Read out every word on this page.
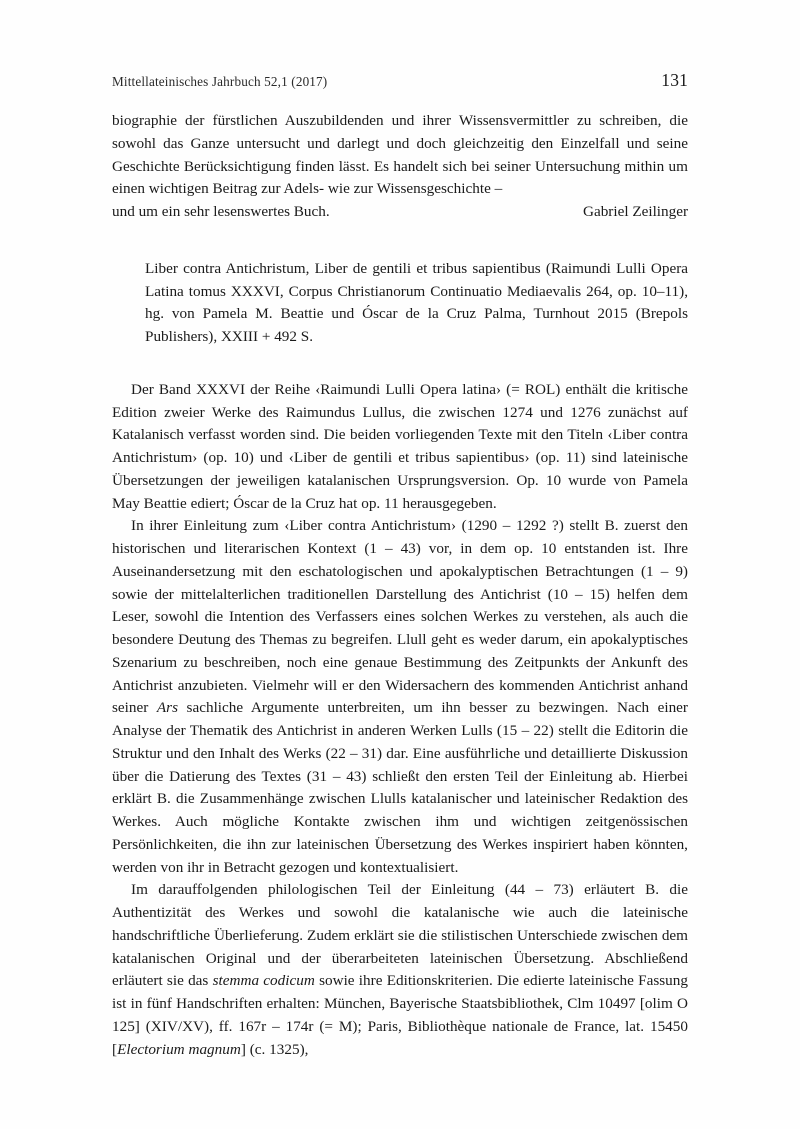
Mittellateinisches Jahrbuch 52,1 (2017)	131

biographie der fürstlichen Auszubildenden und ihrer Wissensvermittler zu schreiben, die sowohl das Ganze untersucht und darlegt und doch gleichzeitig den Einzelfall und seine Geschichte Berücksichtigung finden lässt. Es handelt sich bei seiner Untersuchung mithin um einen wichtigen Beitrag zur Adels- wie zur Wissensgeschichte –

und um ein sehr lesenswertes Buch.	Gabriel Zeilinger

Liber contra Antichristum, Liber de gentili et tribus sapientibus (Raimundi Lulli Opera Latina tomus XXXVI, Corpus Christianorum Continuatio Mediaevalis 264, op. 10–11), hg. von Pamela M. Beattie und Óscar de la Cruz Palma, Turnhout 2015 (Brepols Publishers), XXIII + 492 S.

Der Band XXXVI der Reihe ‹Raimundi Lulli Opera latina› (= ROL) enthält die kritische Edition zweier Werke des Raimundus Lullus, die zwischen 1274 und 1276 zunächst auf Katalanisch verfasst worden sind. Die beiden vorliegenden Texte mit den Titeln ‹Liber contra Antichristum› (op. 10) und ‹Liber de gentili et tribus sapientibus› (op. 11) sind lateinische Übersetzungen der jeweiligen katalanischen Ursprungsversion. Op. 10 wurde von Pamela May Beattie ediert; Óscar de la Cruz hat op. 11 herausgegeben.

In ihrer Einleitung zum ‹Liber contra Antichristum› (1290 – 1292 ?) stellt B. zuerst den historischen und literarischen Kontext (1 – 43) vor, in dem op. 10 entstanden ist. Ihre Auseinandersetzung mit den eschatologischen und apokalyptischen Betrachtungen (1 – 9) sowie der mittelalterlichen traditionellen Darstellung des Antichrist (10 – 15) helfen dem Leser, sowohl die Intention des Verfassers eines solchen Werkes zu verstehen, als auch die besondere Deutung des Themas zu begreifen. Llull geht es weder darum, ein apokalyptisches Szenarium zu beschreiben, noch eine genaue Bestimmung des Zeitpunkts der Ankunft des Antichrist anzubieten. Vielmehr will er den Widersachern des kommenden Antichrist anhand seiner Ars sachliche Argumente unterbreiten, um ihn besser zu bezwingen. Nach einer Analyse der Thematik des Antichrist in anderen Werken Lulls (15 – 22) stellt die Editorin die Struktur und den Inhalt des Werks (22 – 31) dar. Eine ausführliche und detaillierte Diskussion über die Datierung des Textes (31 – 43) schließt den ersten Teil der Einleitung ab. Hierbei erklärt B. die Zusammenhänge zwischen Llulls katalanischer und lateinischer Redaktion des Werkes. Auch mögliche Kontakte zwischen ihm und wichtigen zeitgenössischen Persönlichkeiten, die ihn zur lateinischen Übersetzung des Werkes inspiriert haben könnten, werden von ihr in Betracht gezogen und kontextualisiert.

Im darauffolgenden philologischen Teil der Einleitung (44 – 73) erläutert B. die Authentizität des Werkes und sowohl die katalanische wie auch die lateinische handschriftliche Überlieferung. Zudem erklärt sie die stilistischen Unterschiede zwischen dem katalanischen Original und der überarbeiteten lateinischen Übersetzung. Abschließend erläutert sie das stemma codicum sowie ihre Editionskriterien. Die edierte lateinische Fassung ist in fünf Handschriften erhalten: München, Bayerische Staatsbibliothek, Clm 10497 [olim O 125] (XIV/XV), ff. 167r – 174r (= M); Paris, Bibliothèque nationale de France, lat. 15450 [Electorium magnum] (c. 1325),
